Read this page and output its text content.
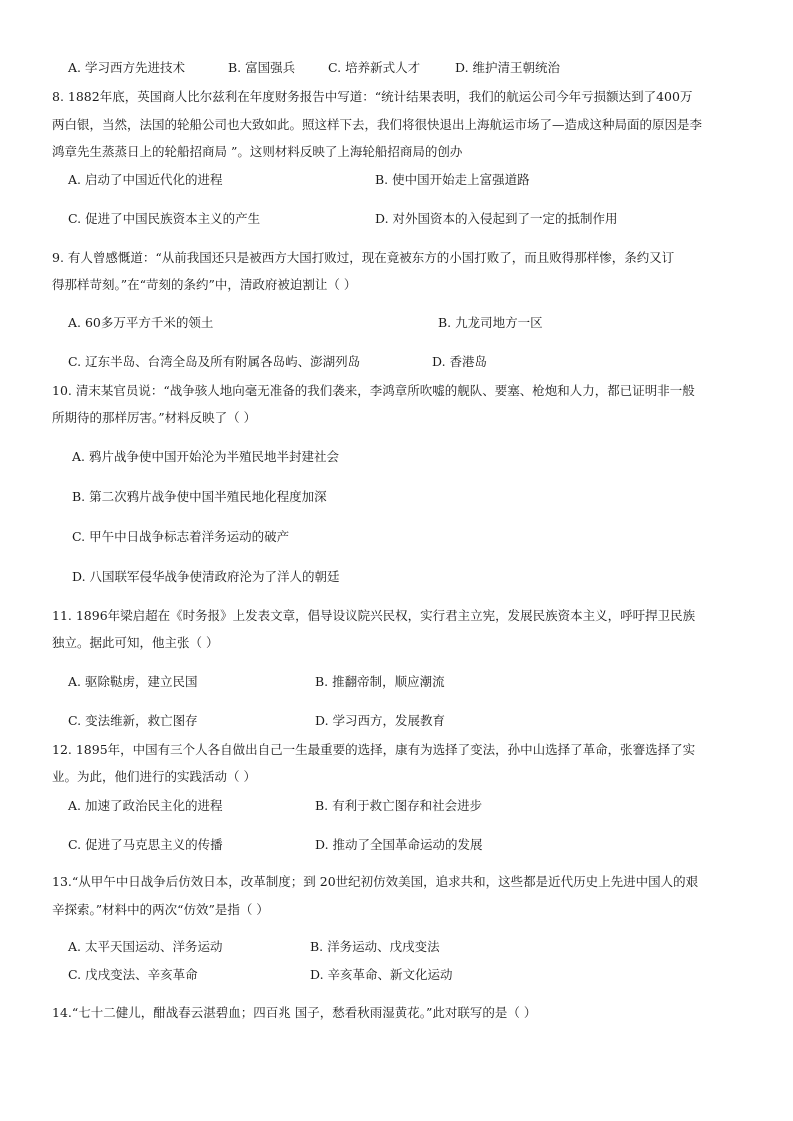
A. 学习西方先进技术	B. 富国强兵	C. 培养新式人才	D. 维护清王朝统治
8. 1882年底，英国商人比尔兹利在年度财务报告中写道：“统计结果表明，我们的航运公司今年亏损额达到了400万
两白银，当然，法国的轮船公司也大致如此。照这样下去，我们将很快退出上海航运市场了—造成这种局面的原因是李
鸿章先生蒸蒸日上的轮船招商局 ”。这则材料反映了上海轮船招商局的创办
A. 启动了中国近代化的进程	B. 使中国开始走上富强道路
C. 促进了中国民族资本主义的产生	D. 对外国资本的入侵起到了一定的抵制作用
9. 有人曾感慨道：“从前我国还只是被西方大国打败过，现在竟被东方的小国打败了，而且败得那样惨，条约又订
得那样苛刻。”在“苛刻的条约”中，清政府被迫割让（ ）
A. 60多万平方千米的领土	B. 九龙司地方一区
C. 辽东半岛、台湾全岛及所有附属各岛屿、澎湖列岛	D. 香港岛
10. 清末某官员说：“战争骇人地向毫无准备的我们袭来，李鸿章所吹嘘的舰队、要塞、枪炮和人力，都已证明非一般
所期待的那样厉害。”材料反映了（ ）
A. 鸦片战争使中国开始沦为半殖民地半封建社会
B. 第二次鸦片战争使中国半殖民地化程度加深
C. 甲午中日战争标志着洋务运动的破产
D. 八国联军侵华战争使清政府沦为了洋人的朝廷
11. 1896年梁启超在《时务报》上发表文章，倡导设议院兴民权，实行君主立宪，发展民族资本主义，呼吁捍卫民族
独立。据此可知，他主张（ ）
A. 驱除鞑虏，建立民国	B. 推翻帝制，顺应潮流
C. 变法维新，救亡图存	D. 学习西方，发展教育
12. 1895年，中国有三个人各自做出自己一生最重要的选择，康有为选择了变法，孙中山选择了革命，张謇选择了实
业。为此，他们进行的实践活动（ ）
A. 加速了政治民主化的进程	B. 有利于救亡图存和社会进步
C. 促进了马克思主义的传播	D. 推动了全国革命运动的发展
13.“从甲午中日战争后仿效日本，改革制度；到 20世纪初仿效美国，追求共和，这些都是近代历史上先进中国人的艰
辛探索。”材料中的两次“仿效”是指（ ）
A. 太平天国运动、洋务运动	B. 洋务运动、戊戌变法
C. 戊戌变法、辛亥革命	D. 辛亥革命、新文化运动
14.“七十二健儿，酣战春云湛碧血；四百兆 国子，愁看秋雨湿黄花。”此对联写的是（ ）
